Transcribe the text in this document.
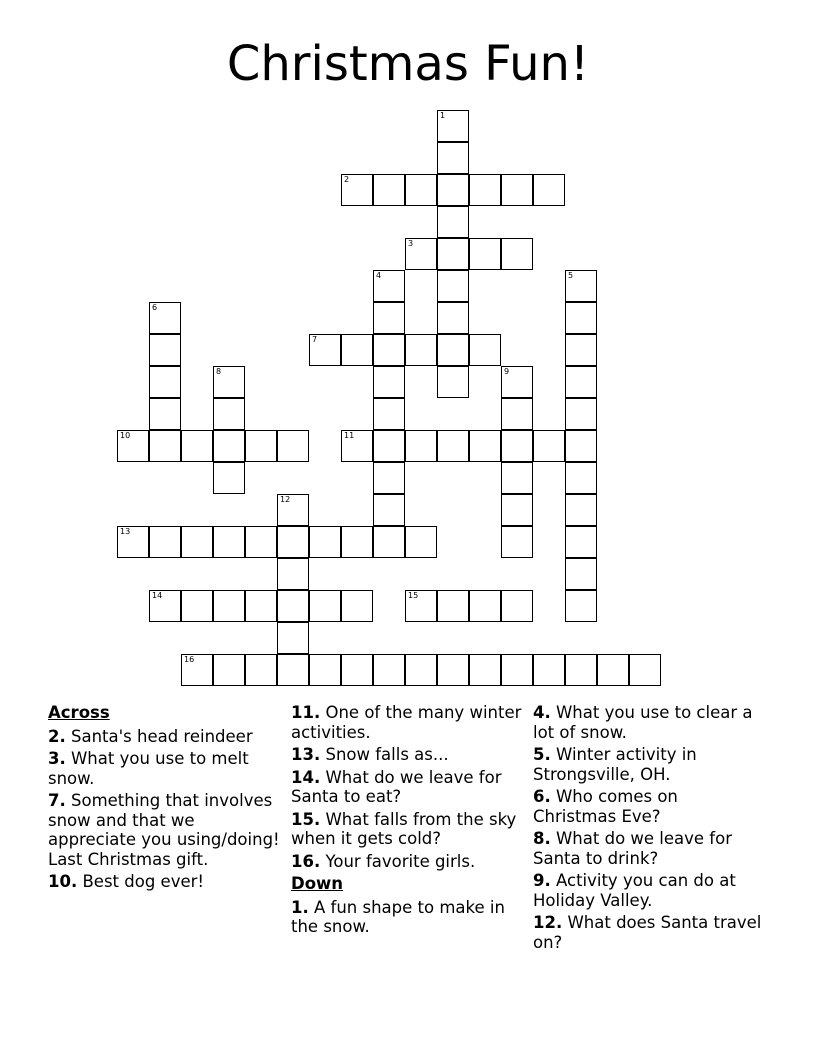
Christmas Fun!
1
2
3
4	5
6
7
8	9
10	11
12
13
14	15
16
Across
2. Santa's head reindeer
3. What you use to melt snow.
7. Something that involves snow and that we appreciate you using/doing! Last Christmas gift.
10. Best dog ever!
11. One of the many winter activities.
13. Snow falls as...
14. What do we leave for Santa to eat?
15. What falls from the sky when it gets cold?
16. Your favorite girls.
Down
1. A fun shape to make in the snow.
4. What you use to clear a lot of snow.
5. Winter activity in Strongsville, OH.
6. Who comes on Christmas Eve?
8. What do we leave for Santa to drink?
9. Activity you can do at Holiday Valley.
12. What does Santa travel on?
